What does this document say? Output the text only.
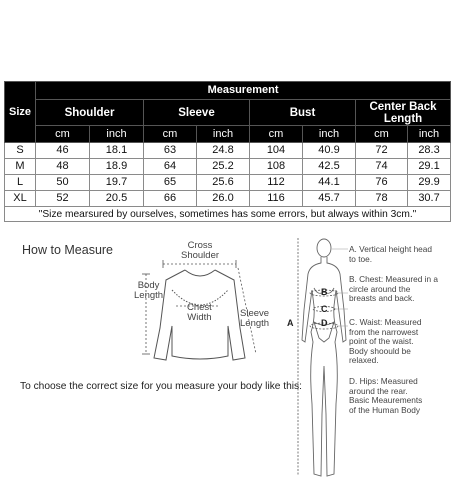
Size	Measurement							
	Shoulder		Sleeve		Bust		Center Back Length	
	cm	inch	cm	inch	cm	inch	cm	inch
S	46	18.1	63	24.8	104	40.9	72	28.3
M	48	18.9	64	25.2	108	42.5	74	29.1
L	50	19.7	65	25.6	112	44.1	76	29.9
XL	52	20.5	66	26.0	116	45.7	78	30.7
"Size mearsured by ourselves, sometimes has some errors, but always within 3cm."								
How to Measure	Cross
Shoulder
Body
Length
Chest
Width	Sleeve
Length
To choose the correct size for you measure your body like this:
A
B
C
D
A. Vertical height head
to toe.
B. Chest: Measured in a
circle around the
breasts and back.
C. Waist: Measured
from the narrowest
point of the waist.
Body shoould be
relaxed.
D. Hips: Measured
around the rear.
Basic Meaurements
of the Human Body
